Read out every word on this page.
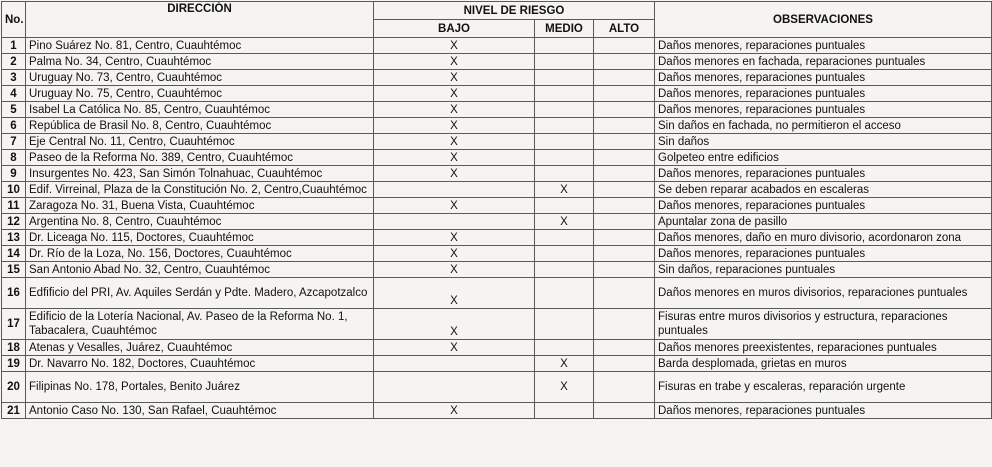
No.	DIRECCIÓN	NIVEL DE RIESGO			OBSERVACIONES
		BAJO	MEDIO	ALTO	
1	Pino Suárez No. 81, Centro, Cuauhtémoc	X			Daños menores, reparaciones puntuales
2	Palma No. 34, Centro, Cuauhtémoc	X			Daños menores en fachada, reparaciones puntuales
3	Uruguay No. 73, Centro, Cuauhtémoc	X			Daños menores, reparaciones puntuales
4	Uruguay No. 75, Centro, Cuauhtémoc	X			Daños menores, reparaciones puntuales
5	Isabel La Católica No. 85, Centro, Cuauhtémoc	X			Daños menores, reparaciones puntuales
6	República de Brasil No. 8, Centro, Cuauhtémoc	X			Sin daños en fachada, no permitieron el acceso
7	Eje Central No. 11, Centro, Cuauhtémoc	X			Sin daños
8	Paseo de la Reforma No. 389, Centro, Cuauhtémoc	X			Golpeteo entre edificios
9	Insurgentes No. 423, San Simón Tolnahuac, Cuauhtémoc	X			Daños menores, reparaciones puntuales
10	Edif. Virreinal, Plaza de la Constitución No. 2, Centro,Cuauhtémoc		X		Se deben reparar acabados en escaleras
11	Zaragoza No. 31, Buena Vista, Cuauhtémoc	X			Daños menores, reparaciones puntuales
12	Argentina No. 8, Centro, Cuauhtémoc		X		Apuntalar zona de pasillo
13	Dr. Liceaga No. 115, Doctores, Cuauhtémoc	X			Daños menores, daño en muro divisorio, acordonaron zona
14	Dr. Río de la Loza, No. 156, Doctores, Cuauhtémoc	X			Daños menores, reparaciones puntuales
15	San Antonio Abad No. 32, Centro, Cuauhtémoc	X			Sin daños, reparaciones puntuales
16	Edfificio del PRI, Av. Aquiles Serdán y Pdte. Madero, Azcapotzalco	X			Daños menores en muros divisorios, reparaciones puntuales
17	Edificio de la Lotería Nacional, Av. Paseo de la Reforma No. 1, Tabacalera, Cuauhtémoc	X			Fisuras entre muros divisorios y estructura, reparaciones puntuales
18	Atenas y Vesalles, Juárez, Cuauhtémoc	X			Daños menores preexistentes, reparaciones puntuales
19	Dr. Navarro No. 182, Doctores, Cuauhtémoc		X		Barda desplomada, grietas en muros
20	Filipinas No. 178, Portales, Benito Juárez		X		Fisuras en trabe y escaleras, reparación urgente
21	Antonio Caso No. 130, San Rafael, Cuauhtémoc	X			Daños menores, reparaciones puntuales
